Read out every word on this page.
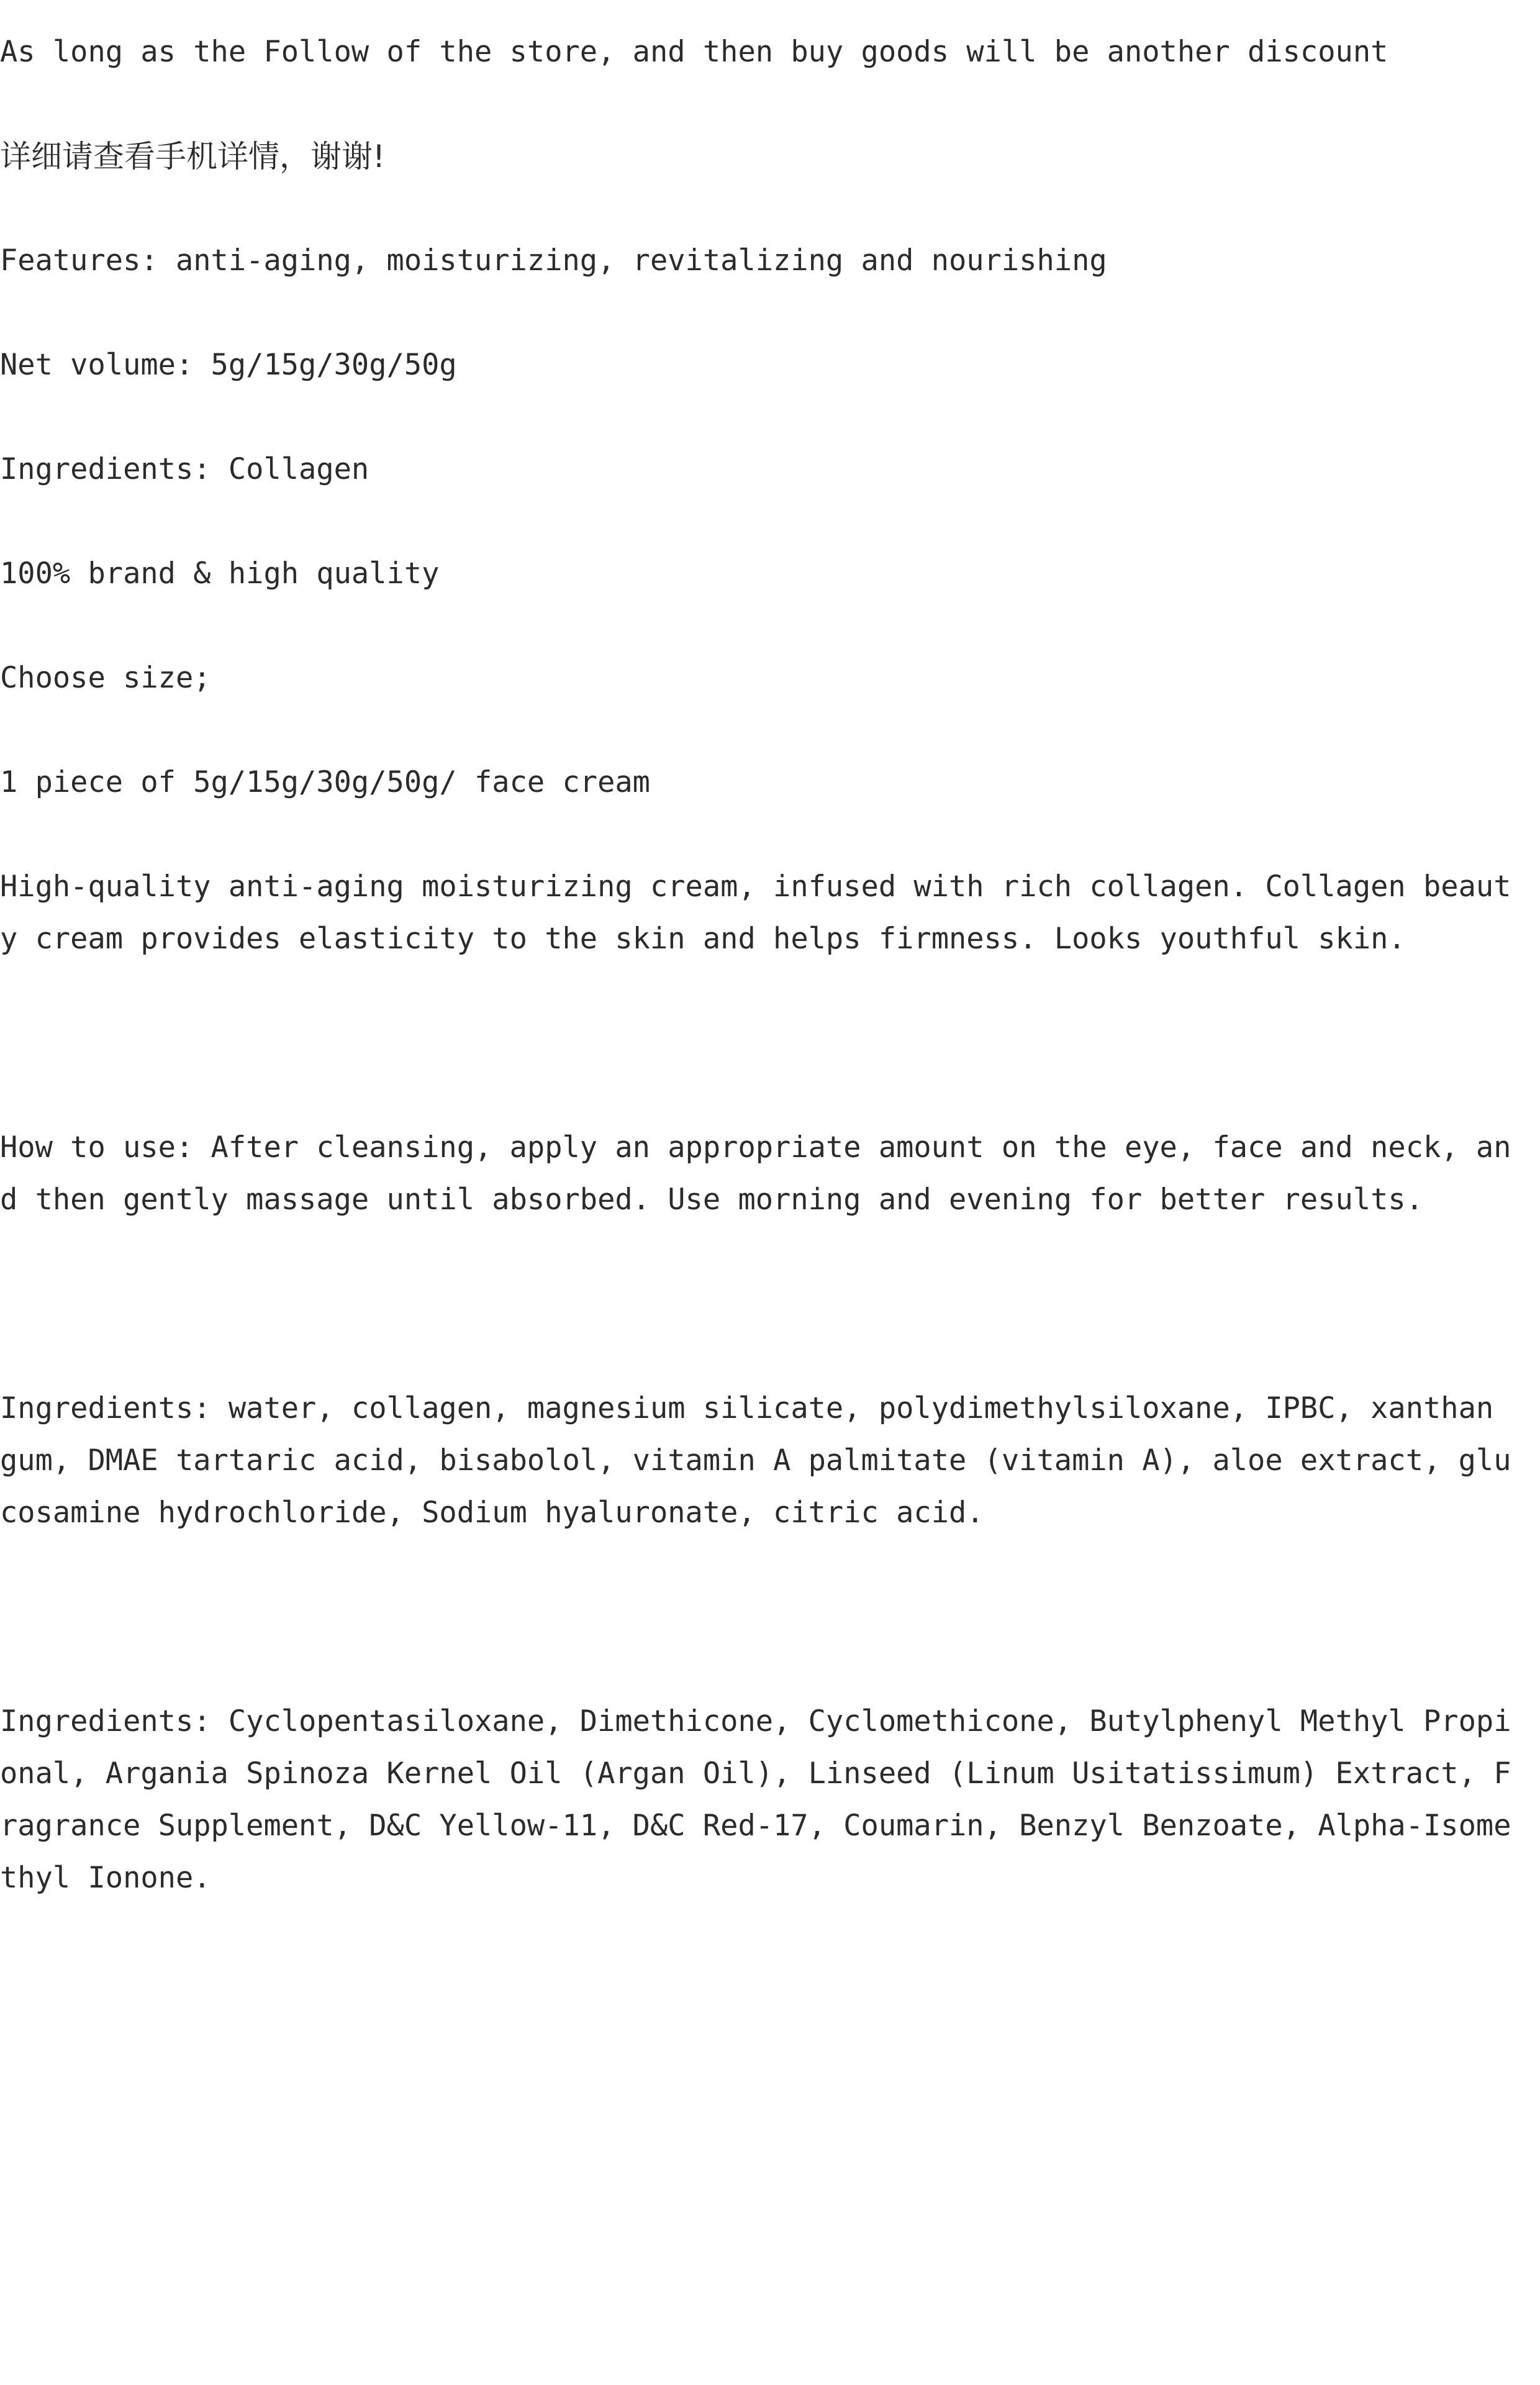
As long as the Follow of the store, and then buy goods will be another discount

详细请查看手机详情，谢谢!

Features: anti-aging, moisturizing, revitalizing and nourishing

Net volume: 5g/15g/30g/50g

Ingredients: Collagen

100% brand & high quality

Choose size;

1 piece of 5g/15g/30g/50g/ face cream

High-quality anti-aging moisturizing cream, infused with rich collagen. Collagen beauty cream provides elasticity to the skin and helps firmness. Looks youthful skin.

How to use: After cleansing, apply an appropriate amount on the eye, face and neck, and then gently massage until absorbed. Use morning and evening for better results.

Ingredients: water, collagen, magnesium silicate, polydimethylsiloxane, IPBC, xanthan gum, DMAE tartaric acid, bisabolol, vitamin A palmitate (vitamin A), aloe extract, glucosamine hydrochloride, Sodium hyaluronate, citric acid.

Ingredients: Cyclopentasiloxane, Dimethicone, Cyclomethicone, Butylphenyl Methyl Propional, Argania Spinoza Kernel Oil (Argan Oil), Linseed (Linum Usitatissimum) Extract, Fragrance Supplement, D&C Yellow-11, D&C Red-17, Coumarin, Benzyl Benzoate, Alpha-Isomethyl Ionone.
